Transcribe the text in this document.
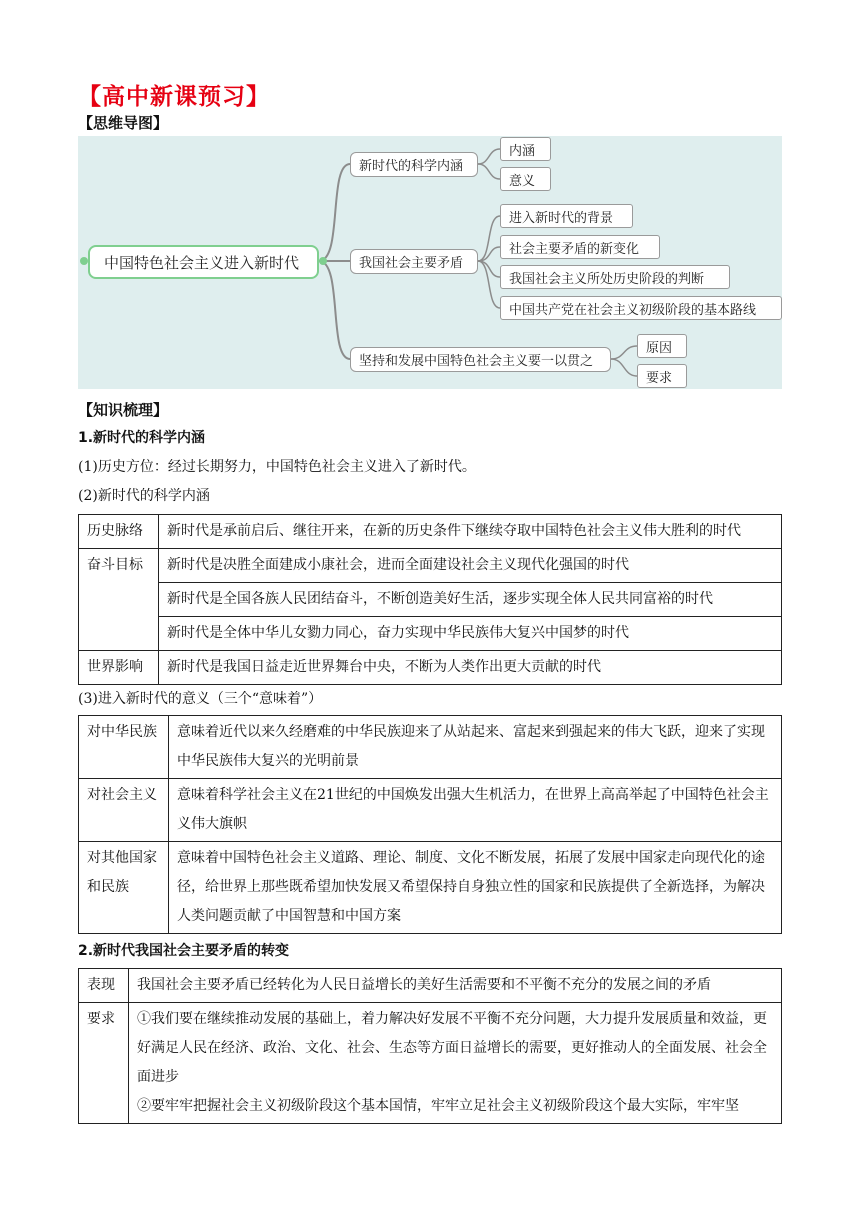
【高中新课预习】
【思维导图】
中国特色社会主义进入新时代
新时代的科学内涵
我国社会主要矛盾
坚持和发展中国特色社会主义要一以贯之
内涵
意义
进入新时代的背景
社会主要矛盾的新变化
我国社会主义所处历史阶段的判断
中国共产党在社会主义初级阶段的基本路线
原因
要求
【知识梳理】
1.新时代的科学内涵
(1)历史方位：经过长期努力，中国特色社会主义进入了新时代。
(2)新时代的科学内涵
历史脉络	新时代是承前启后、继往开来，在新的历史条件下继续夺取中国特色社会主义伟大胜利的时代
奋斗目标	新时代是决胜全面建成小康社会，进而全面建设社会主义现代化强国的时代
	新时代是全国各族人民团结奋斗，不断创造美好生活，逐步实现全体人民共同富裕的时代
	新时代是全体中华儿女勠力同心，奋力实现中华民族伟大复兴中国梦的时代
世界影响	新时代是我国日益走近世界舞台中央，不断为人类作出更大贡献的时代
(3)进入新时代的意义（三个“意味着”）
对中华民族	意味着近代以来久经磨难的中华民族迎来了从站起来、富起来到强起来的伟大飞跃，迎来了实现中华民族伟大复兴的光明前景
对社会主义	意味着科学社会主义在21世纪的中国焕发出强大生机活力，在世界上高高举起了中国特色社会主义伟大旗帜
对其他国家和民族	意味着中国特色社会主义道路、理论、制度、文化不断发展，拓展了发展中国家走向现代化的途径，给世界上那些既希望加快发展又希望保持自身独立性的国家和民族提供了全新选择，为解决人类问题贡献了中国智慧和中国方案
2.新时代我国社会主要矛盾的转变
表现	我国社会主要矛盾已经转化为人民日益增长的美好生活需要和不平衡不充分的发展之间的矛盾
要求	①我们要在继续推动发展的基础上，着力解决好发展不平衡不充分问题，大力提升发展质量和效益，更好满足人民在经济、政治、文化、社会、生态等方面日益增长的需要，更好推动人的全面发展、社会全面进步
②要牢牢把握社会主义初级阶段这个基本国情，牢牢立足社会主义初级阶段这个最大实际，牢牢坚
